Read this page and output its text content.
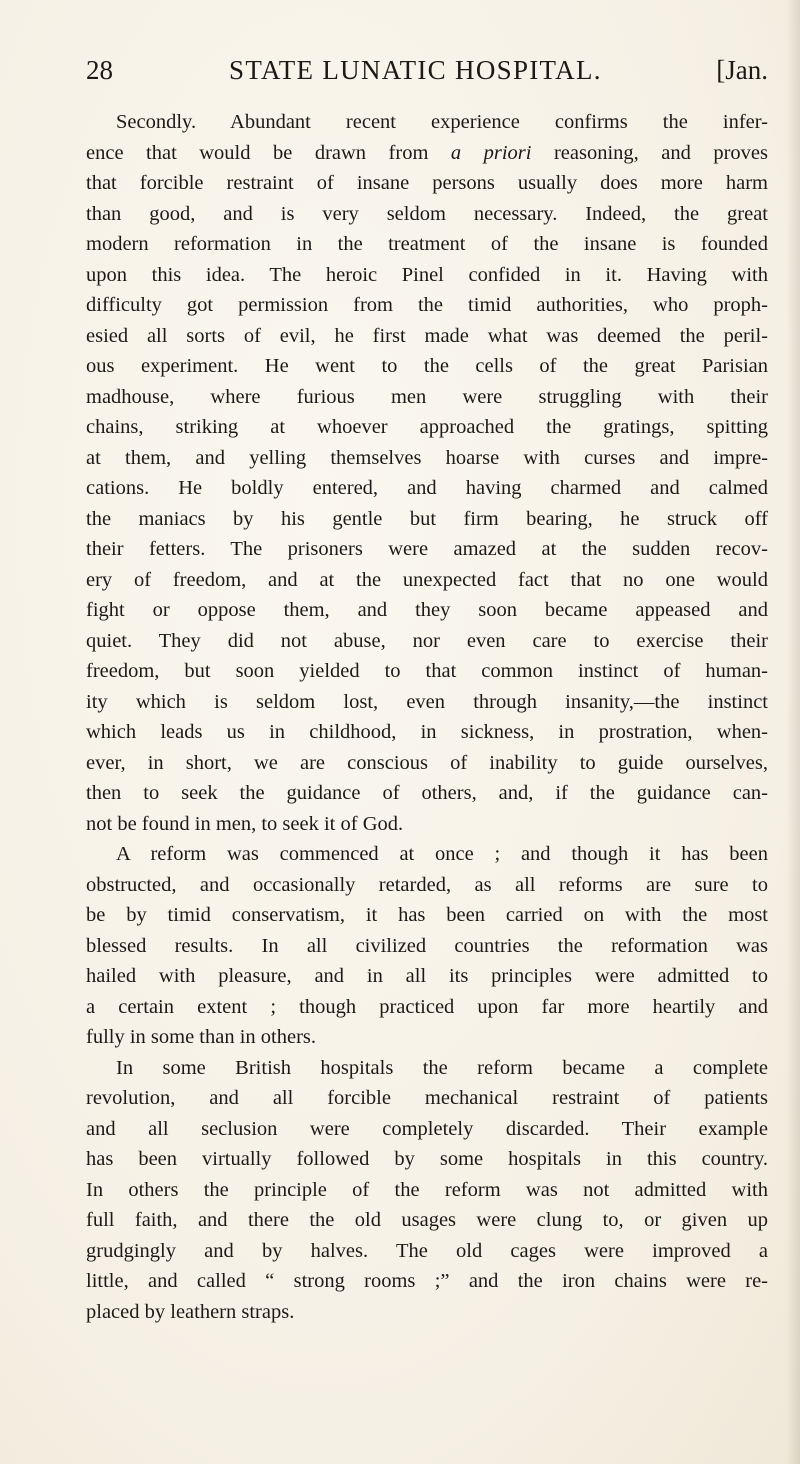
28	STATE LUNATIC HOSPITAL.	[Jan.
Secondly. Abundant recent experience confirms the infer-
ence that would be drawn from a priori reasoning, and proves
that forcible restraint of insane persons usually does more harm
than good, and is very seldom necessary. Indeed, the great
modern reformation in the treatment of the insane is founded
upon this idea. The heroic Pinel confided in it. Having with
difficulty got permission from the timid authorities, who proph-
esied all sorts of evil, he first made what was deemed the peril-
ous experiment. He went to the cells of the great Parisian
madhouse, where furious men were struggling with their
chains, striking at whoever approached the gratings, spitting
at them, and yelling themselves hoarse with curses and impre-
cations. He boldly entered, and having charmed and calmed
the maniacs by his gentle but firm bearing, he struck off
their fetters. The prisoners were amazed at the sudden recov-
ery of freedom, and at the unexpected fact that no one would
fight or oppose them, and they soon became appeased and
quiet. They did not abuse, nor even care to exercise their
freedom, but soon yielded to that common instinct of human-
ity which is seldom lost, even through insanity,—the instinct
which leads us in childhood, in sickness, in prostration, when-
ever, in short, we are conscious of inability to guide ourselves,
then to seek the guidance of others, and, if the guidance can-
not be found in men, to seek it of God.
A reform was commenced at once ; and though it has been
obstructed, and occasionally retarded, as all reforms are sure to
be by timid conservatism, it has been carried on with the most
blessed results. In all civilized countries the reformation was
hailed with pleasure, and in all its principles were admitted to
a certain extent ; though practiced upon far more heartily and
fully in some than in others.
In some British hospitals the reform became a complete
revolution, and all forcible mechanical restraint of patients
and all seclusion were completely discarded. Their example
has been virtually followed by some hospitals in this country.
In others the principle of the reform was not admitted with
full faith, and there the old usages were clung to, or given up
grudgingly and by halves. The old cages were improved a
little, and called “ strong rooms ;” and the iron chains were re-
placed by leathern straps.
